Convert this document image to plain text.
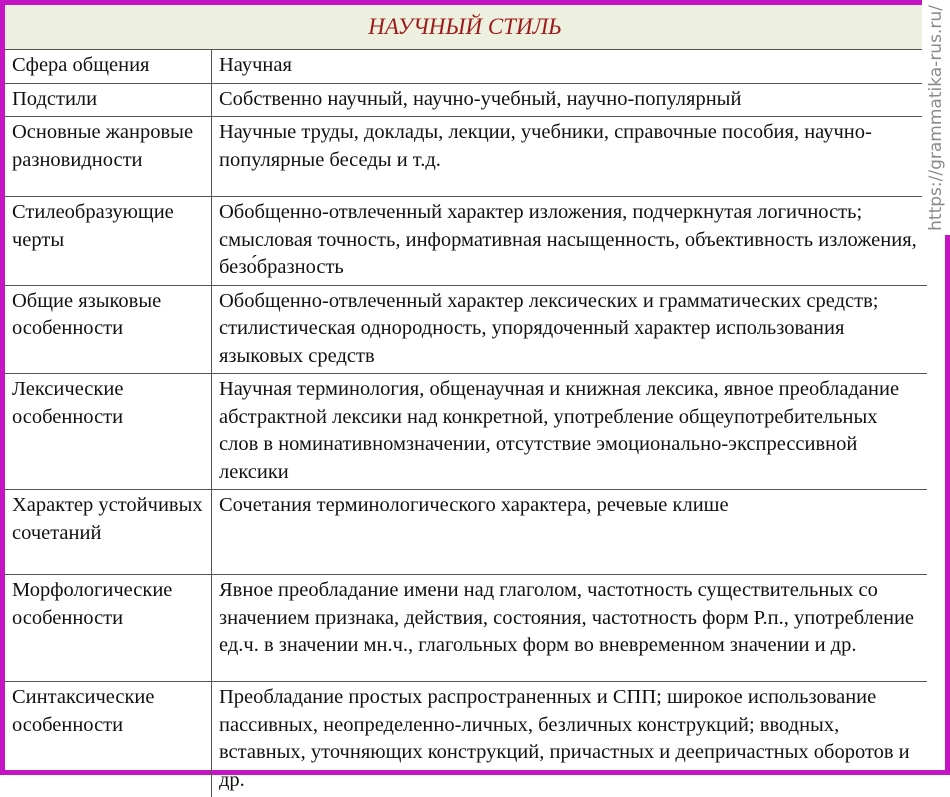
НАУЧНЫЙ СТИЛЬ
Сфера общения	Научная
Подстили	Собственно научный, научно-учебный, научно-популярный
Основные жанровые разновидности	Научные труды, доклады, лекции, учебники, справочные пособия, научно-популярные беседы и т.д.
Стилеобразующие черты	Обобщенно-отвлеченный характер изложения, подчеркнутая логичность; смысловая точность, информативная насыщенность, объективность изложения, безо́бразность
Общие языковые особенности	Обобщенно-отвлеченный характер лексических и грамматических средств; стилистическая однородность, упорядоченный характер использования языковых средств
Лексические особенности	Научная терминология, общенаучная и книжная лексика, явное преобладание абстрактной лексики над конкретной, употребление общеупотребительных слов в номинативномзначении, отсутствие эмоционально-экспрессивной лексики
Характер устойчивых сочетаний	Сочетания терминологического характера, речевые клише
Морфологические особенности	Явное преобладание имени над глаголом, частотность существительных со значением признака, действия, состояния, частотность форм Р.п., употребление ед.ч. в значении мн.ч., глагольных форм во вневременном значении и др.
Синтаксические особенности	Преобладание простых распространенных и СПП; широкое использование пассивных, неопределенно-личных, безличных конструкций; вводных, вставных, уточняющих конструкций, причастных и деепричастных оборотов и др.
https://grammatika-rus.ru/
